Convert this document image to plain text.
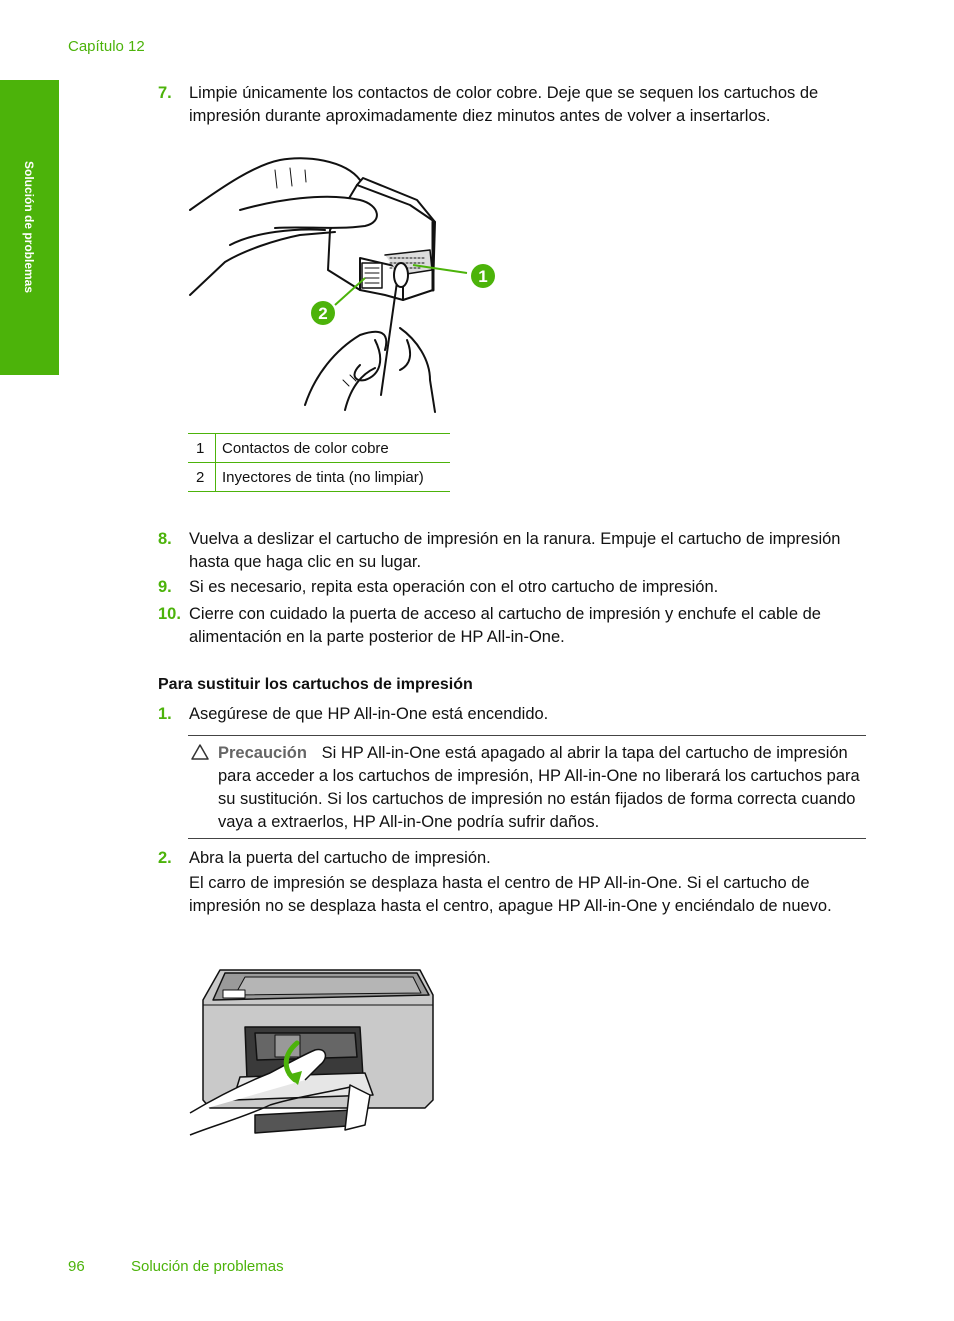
Capítulo 12
Solución de problemas
7. Limpie únicamente los contactos de color cobre. Deje que se sequen los cartuchos de impresión durante aproximadamente diez minutos antes de volver a insertarlos.
1
2
1	Contactos de color cobre
2	Inyectores de tinta (no limpiar)
8. Vuelva a deslizar el cartucho de impresión en la ranura. Empuje el cartucho de impresión hasta que haga clic en su lugar.
9. Si es necesario, repita esta operación con el otro cartucho de impresión.
10. Cierre con cuidado la puerta de acceso al cartucho de impresión y enchufe el cable de alimentación en la parte posterior de HP All-in-One.
Para sustituir los cartuchos de impresión
1. Asegúrese de que HP All-in-One está encendido.
Precaución Si HP All-in-One está apagado al abrir la tapa del cartucho de impresión para acceder a los cartuchos de impresión, HP All-in-One no liberará los cartuchos para su sustitución. Si los cartuchos de impresión no están fijados de forma correcta cuando vaya a extraerlos, HP All-in-One podría sufrir daños.
2. Abra la puerta del cartucho de impresión.
El carro de impresión se desplaza hasta el centro de HP All-in-One. Si el cartucho de impresión no se desplaza hasta el centro, apague HP All-in-One y enciéndalo de nuevo.
96	Solución de problemas
